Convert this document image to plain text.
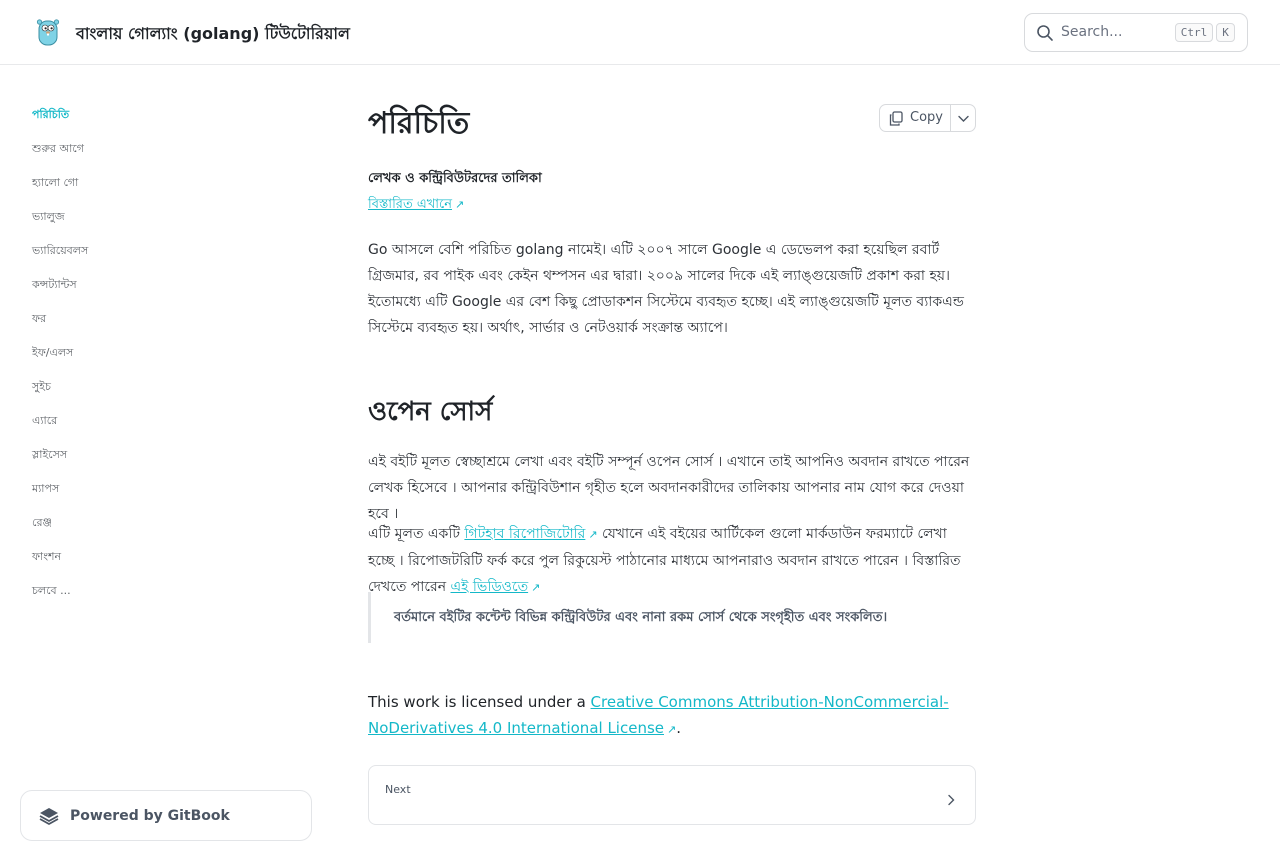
বাংলায় গোল্যাং (golang) টিউটোরিয়াল	Search...	Ctrl	K
পরিচিতি
শুরুর আগে
হ্যালো গো
ভ্যালুজ
ভ্যারিয়েবলস
কন্সট্যান্টস
ফর
ইফ/এলস
সুইচ
এ্যারে
স্লাইসেস
ম্যাপস
রেঞ্জ
ফাংশন
চলবে ...
Powered by GitBook
পরিচিতি	Copy
লেখক ও কন্ট্রিবিউটরদের তালিকা
বিস্তারিত এখানে ↗

Go আসলে বেশি পরিচিত golang নামেই। এটি ২০০৭ সালে Google এ ডেভেলপ করা হয়েছিল রবার্ট গ্রিজমার, রব পাইক এবং কেইন থম্পসন এর দ্বারা। ২০০৯ সালের দিকে এই ল্যাঙ্গুয়েজটি প্রকাশ করা হয়। ইতোমধ্যে এটি Google এর বেশ কিছু প্রোডাকশন সিস্টেমে ব্যবহৃত হচ্ছে। এই ল্যাঙ্গুয়েজটি মূলত ব্যাকএন্ড সিস্টেমে ব্যবহৃত হয়। অর্থাৎ, সার্ভার ও নেটওয়ার্ক সংক্রান্ত অ্যাপে।

ওপেন সোর্স

এই বইটি মূলত স্বেচ্ছাশ্রমে লেখা এবং বইটি সম্পূর্ন ওপেন সোর্স । এখানে তাই আপনিও অবদান রাখতে পারেন লেখক হিসেবে । আপনার কন্ট্রিবিউশান গৃহীত হলে অবদানকারীদের তালিকায় আপনার নাম যোগ করে দেওয়া হবে ।

এটি মূলত একটি গিটহাব রিপোজিটোরি ↗ যেখানে এই বইয়ের আর্টিকেল গুলো মার্কডাউন ফরম্যাটে লেখা হচ্ছে । রিপোজটরিটি ফর্ক করে পুল রিকুয়েস্ট পাঠানোর মাধ্যমে আপনারাও অবদান রাখতে পারেন । বিস্তারিত দেখতে পারেন এই ভিডিওতে ↗

বর্তমানে বইটির কন্টেন্ট বিভিন্ন কন্ট্রিবিউটর এবং নানা রকম সোর্স থেকে সংগৃহীত এবং সংকলিত।

This work is licensed under a Creative Commons Attribution-NonCommercial-NoDerivatives 4.0 International License ↗.

Next
